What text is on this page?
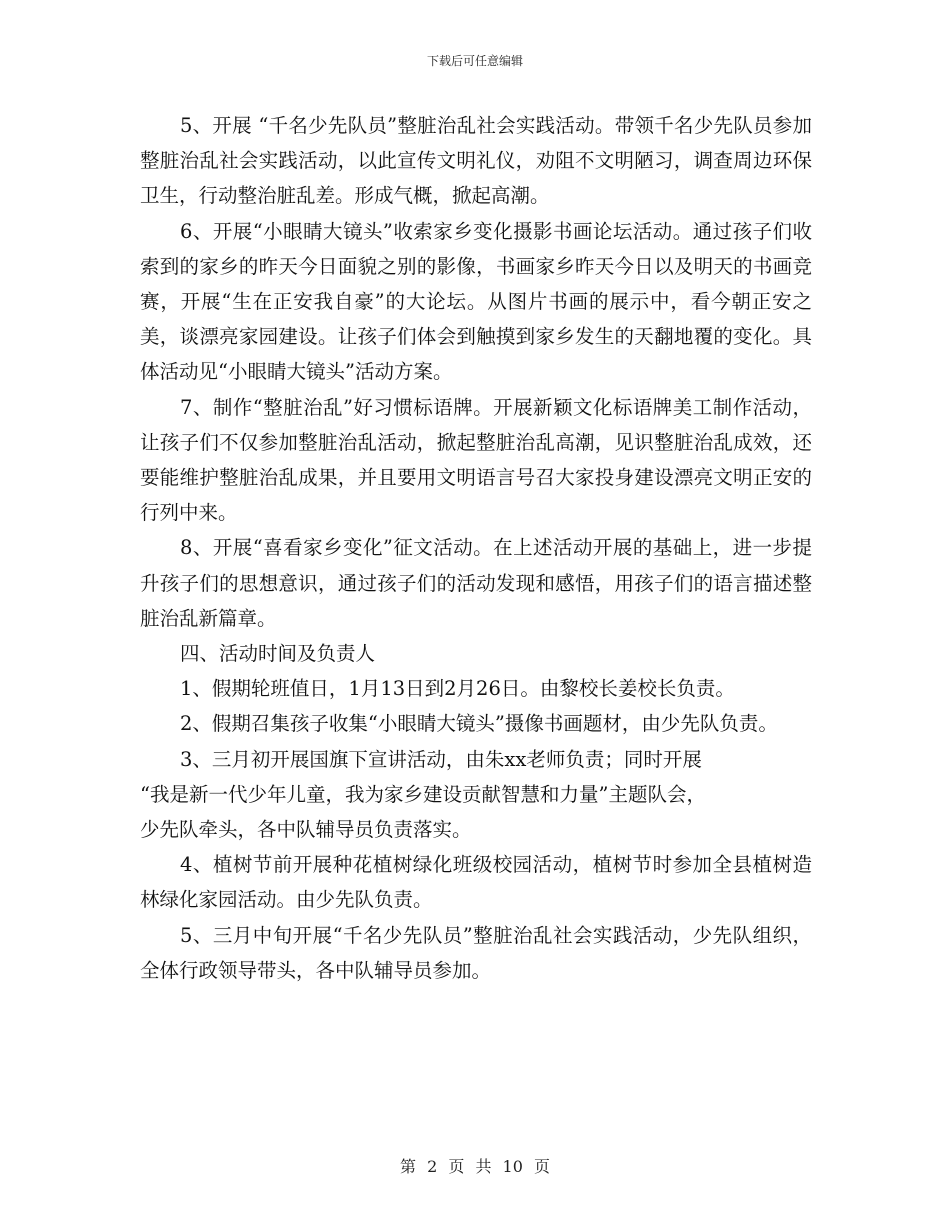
下载后可任意编辑

5、开展 “千名少先队员”整脏治乱社会实践活动。带领千名少先队员参加整脏治乱社会实践活动，以此宣传文明礼仪，劝阻不文明陋习，调查周边环保卫生，行动整治脏乱差。形成气概，掀起高潮。

6、开展“小眼睛大镜头”收索家乡变化摄影书画论坛活动。通过孩子们收索到的家乡的昨天今日面貌之别的影像，书画家乡昨天今日以及明天的书画竞赛，开展“生在正安我自豪”的大论坛。从图片书画的展示中，看今朝正安之美，谈漂亮家园建设。让孩子们体会到触摸到家乡发生的天翻地覆的变化。具体活动见“小眼睛大镜头”活动方案。

7、制作“整脏治乱”好习惯标语牌。开展新颖文化标语牌美工制作活动，让孩子们不仅参加整脏治乱活动，掀起整脏治乱高潮，见识整脏治乱成效，还要能维护整脏治乱成果，并且要用文明语言号召大家投身建设漂亮文明正安的行列中来。

8、开展“喜看家乡变化”征文活动。在上述活动开展的基础上，进一步提升孩子们的思想意识，通过孩子们的活动发现和感悟，用孩子们的语言描述整脏治乱新篇章。

四、活动时间及负责人

1、假期轮班值日，1月13日到2月26日。由黎校长姜校长负责。

2、假期召集孩子收集“小眼睛大镜头”摄像书画题材，由少先队负责。

3、三月初开展国旗下宣讲活动，由朱xx老师负责；同时开展

“我是新一代少年儿童，我为家乡建设贡献智慧和力量”主题队会，

少先队牵头，各中队辅导员负责落实。

4、植树节前开展种花植树绿化班级校园活动，植树节时参加全县植树造林绿化家园活动。由少先队负责。

5、三月中旬开展“千名少先队员”整脏治乱社会实践活动，少先队组织，全体行政领导带头，各中队辅导员参加。

第 2 页 共 10 页
